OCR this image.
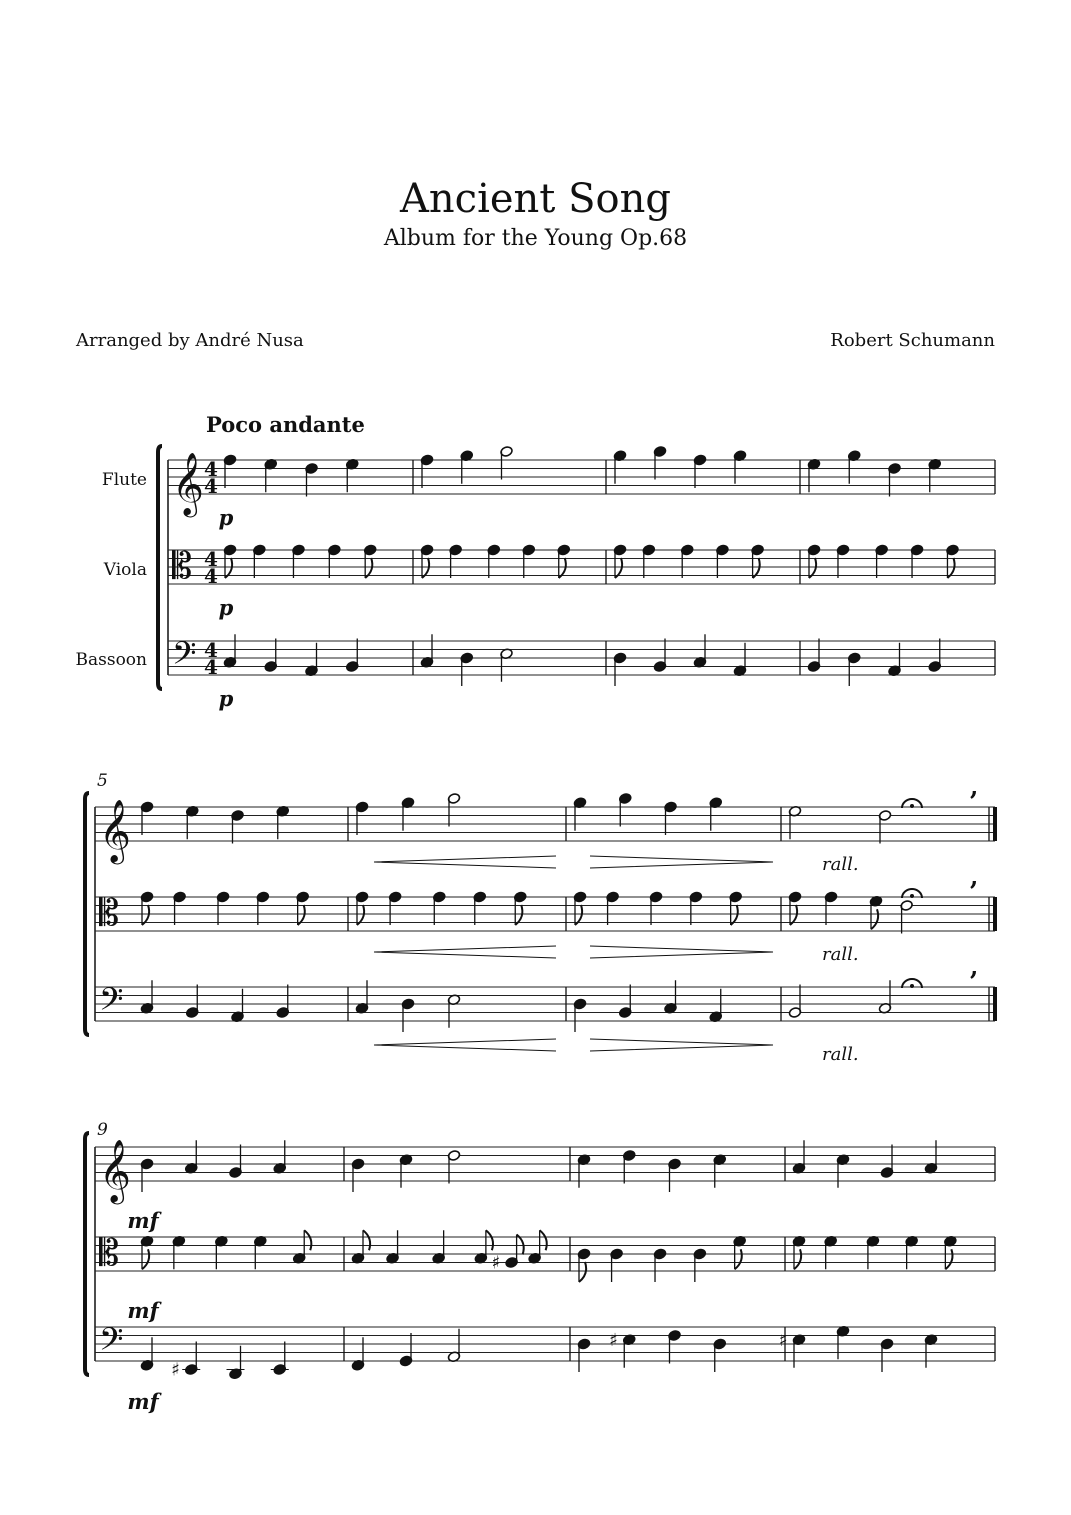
Ancient Song
Album for the Young Op.68
Arranged by André Nusa	Robert Schumann
𝄞 4
4
𝄡 4
4
𝄢 4
4
𝄞
𝄡
𝄢
𝄞
𝄡	♯
𝄢
♯
♯	♯
Poco andante
Flute
Viola
Bassoon
5
9
p
p
p
mf
mf
mf
rall.
rall.
rall.
,
,
,
